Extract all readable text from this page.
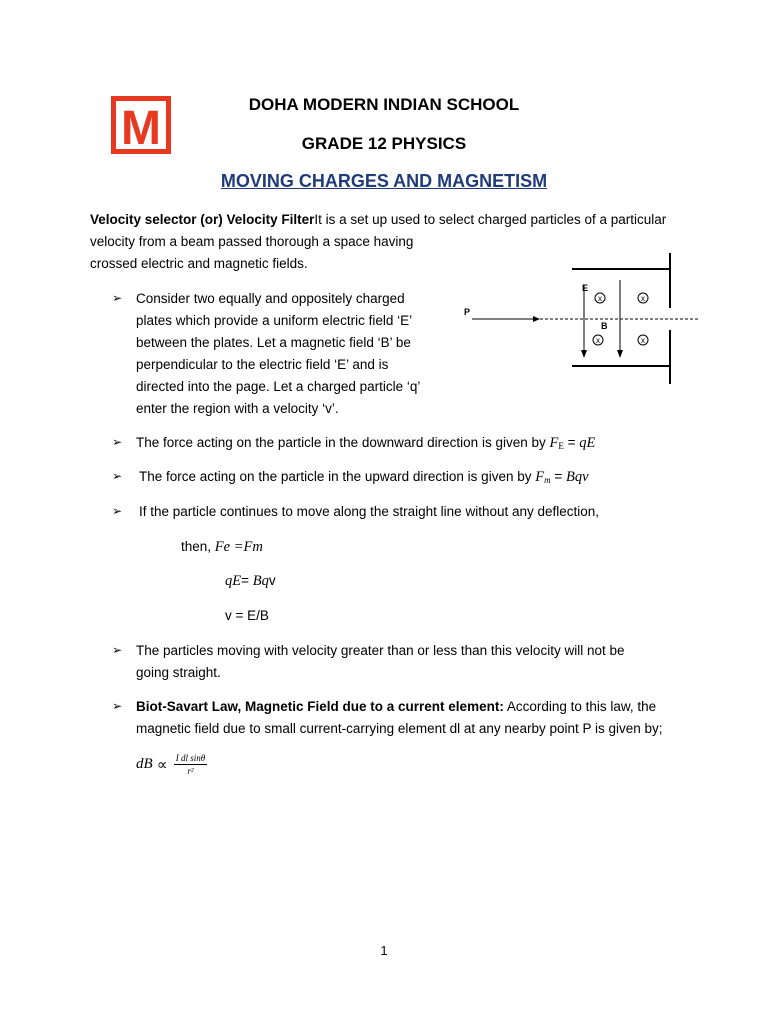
M	DOHA MODERN INDIAN SCHOOL
GRADE 12 PHYSICS
MOVING CHARGES AND MAGNETISM
Velocity selector (or) Velocity FilterIt is a set up used to select charged particles of a particular
velocity from a beam passed thorough a space having
crossed electric and magnetic fields.
➢ Consider two equally and oppositely charged
plates which provide a uniform electric field ‘E’
between the plates. Let a magnetic field ‘B’ be
perpendicular to the electric field ‘E’ and is
directed into the page. Let a charged particle ‘q’
enter the region with a velocity ‘v’.
x	x
x	x
E
B
P
➢ The force acting on the particle in the downward direction is given by $F_E$ = qE
➢ The force acting on the particle in the upward direction is given by $F_m$ = Bqv
➢ If the particle continues to move along the straight line without any deflection,
then, Fe =Fm
qE= Bqv
v = E/B
➢ The particles moving with velocity greater than or less than this velocity will not be
going straight.
➢ Biot-Savart Law, Magnetic Field due to a current element: According to this law, the
magnetic field due to small current-carrying element dl at any nearby point P is given by;
dB ∝ $\frac{\text{I dl sinθ}}{\text{r²}}$
1
